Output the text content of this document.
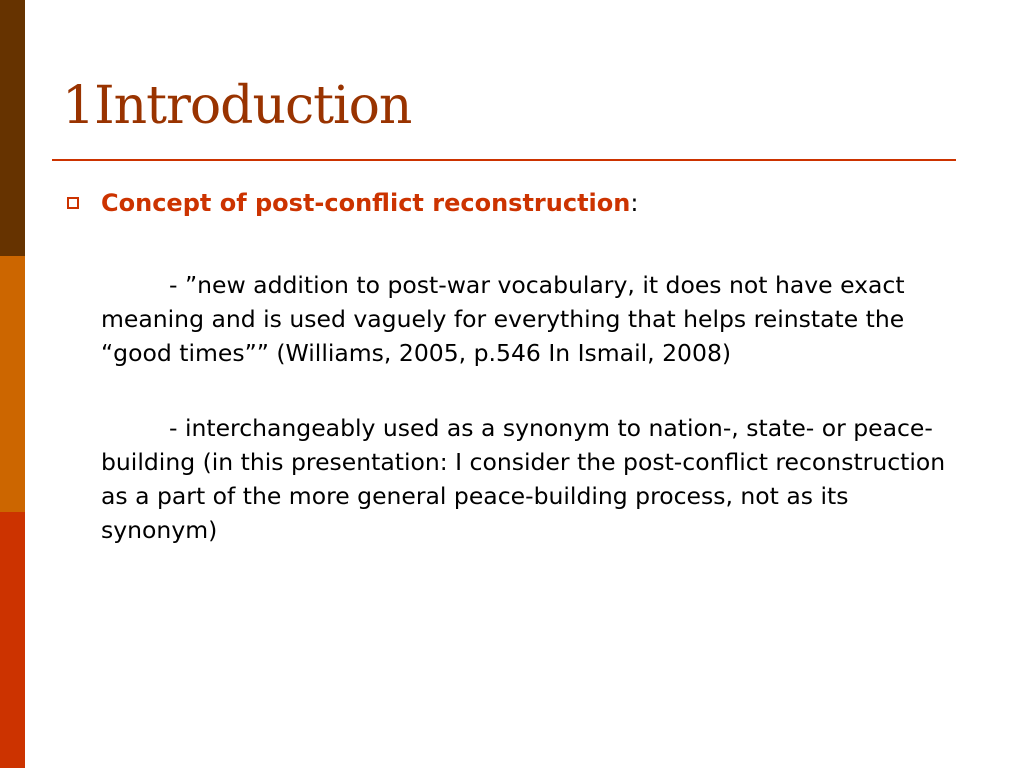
1Introduction

Concept of post-conflict reconstruction:

- ”new addition to post-war vocabulary, it does not have exact meaning and is used vaguely for everything that helps reinstate the “good times”” (Williams, 2005, p.546 In Ismail, 2008)

- interchangeably used as a synonym to nation-, state- or peace-building (in this presentation: I consider the post-conflict reconstruction as a part of the more general peace-building process, not as its synonym)
